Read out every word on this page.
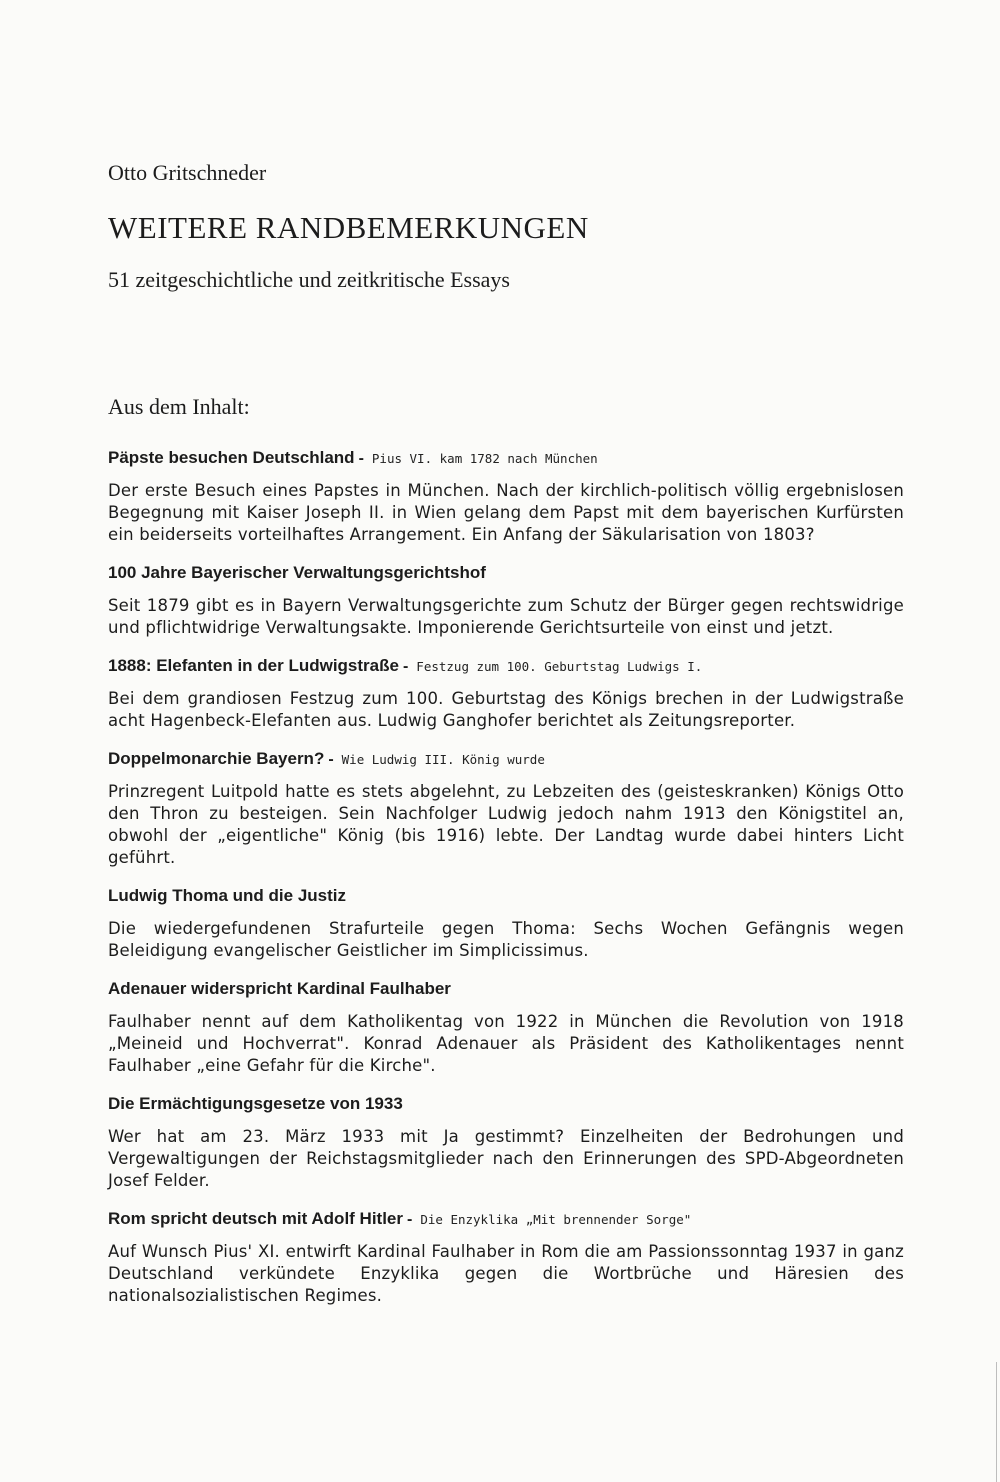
Otto Gritschneder
WEITERE RANDBEMERKUNGEN
51 zeitgeschichtliche und zeitkritische Essays
Aus dem Inhalt:
Päpste besuchen Deutschland - Pius VI. kam 1782 nach München
Der erste Besuch eines Papstes in München. Nach der kirchlich-politisch völlig ergebnislosen Begegnung mit Kaiser Joseph II. in Wien gelang dem Papst mit dem bayerischen Kurfürsten ein beiderseits vorteilhaftes Arrangement. Ein Anfang der Säkularisation von 1803?
100 Jahre Bayerischer Verwaltungsgerichtshof
Seit 1879 gibt es in Bayern Verwaltungsgerichte zum Schutz der Bürger gegen rechtswidrige und pflichtwidrige Verwaltungsakte. Imponierende Gerichtsurteile von einst und jetzt.
1888: Elefanten in der Ludwigstraße - Festzug zum 100. Geburtstag Ludwigs I.
Bei dem grandiosen Festzug zum 100. Geburtstag des Königs brechen in der Ludwigstraße acht Hagenbeck-Elefanten aus. Ludwig Ganghofer berichtet als Zeitungsreporter.
Doppelmonarchie Bayern? - Wie Ludwig III. König wurde
Prinzregent Luitpold hatte es stets abgelehnt, zu Lebzeiten des (geisteskranken) Königs Otto den Thron zu besteigen. Sein Nachfolger Ludwig jedoch nahm 1913 den Königstitel an, obwohl der „eigentliche" König (bis 1916) lebte. Der Landtag wurde dabei hinters Licht geführt.
Ludwig Thoma und die Justiz
Die wiedergefundenen Strafurteile gegen Thoma: Sechs Wochen Gefängnis wegen Beleidigung evangelischer Geistlicher im Simplicissimus.
Adenauer widerspricht Kardinal Faulhaber
Faulhaber nennt auf dem Katholikentag von 1922 in München die Revolution von 1918 „Meineid und Hochverrat". Konrad Adenauer als Präsident des Katholikentages nennt Faulhaber „eine Gefahr für die Kirche".
Die Ermächtigungsgesetze von 1933
Wer hat am 23. März 1933 mit Ja gestimmt? Einzelheiten der Bedrohungen und Vergewaltigungen der Reichstagsmitglieder nach den Erinnerungen des SPD-Abgeordneten Josef Felder.
Rom spricht deutsch mit Adolf Hitler - Die Enzyklika „Mit brennender Sorge"
Auf Wunsch Pius' XI. entwirft Kardinal Faulhaber in Rom die am Passionssonntag 1937 in ganz Deutschland verkündete Enzyklika gegen die Wortbrüche und Häresien des nationalsozialistischen Regimes.
